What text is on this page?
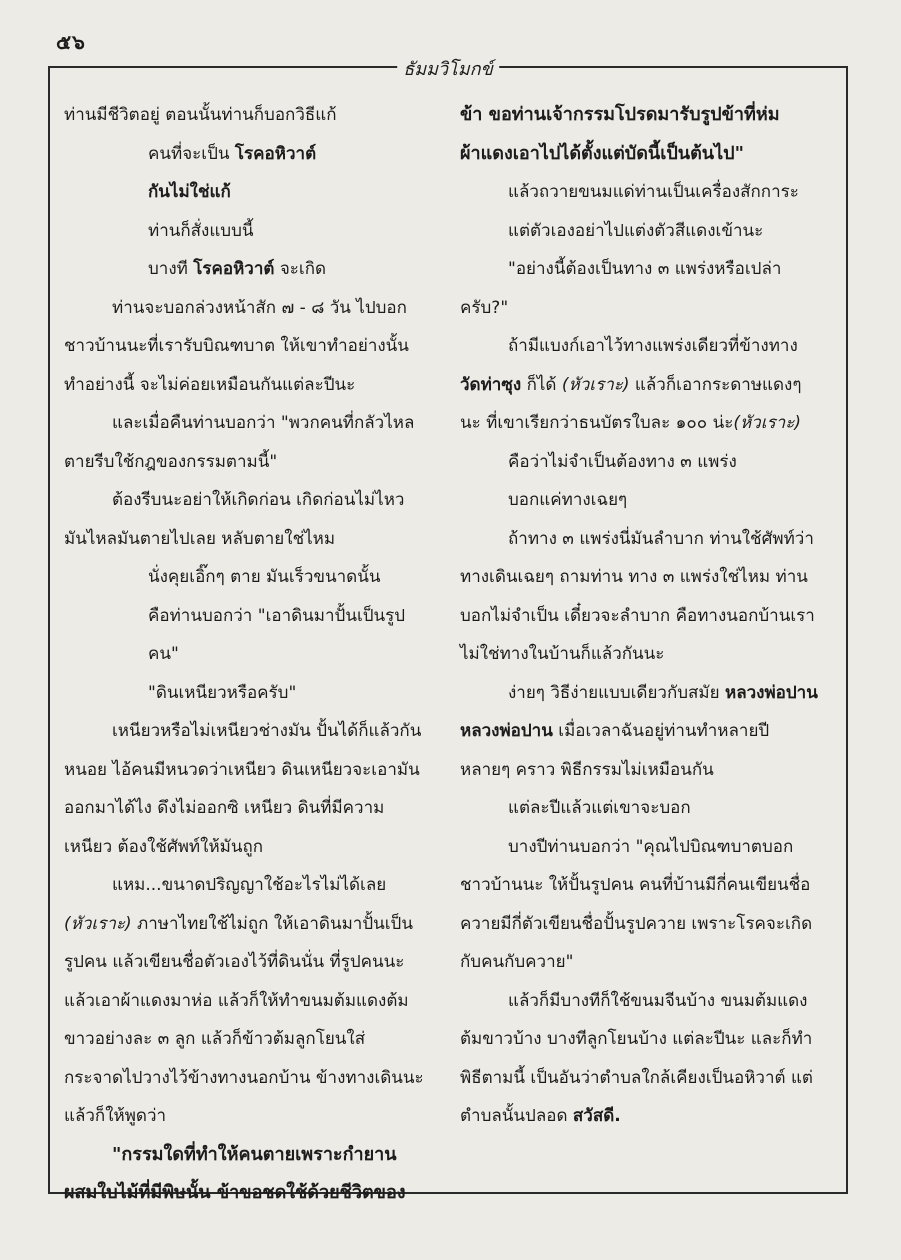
๕๖
ธัมมวิโมกข์

ท่านมีชีวิตอยู่ ตอนนั้นท่านก็บอกวิธีแก้

คนที่จะเป็น โรคอหิวาต์

กันไม่ใช่แก้

ท่านก็สั่งแบบนี้

บางที โรคอหิวาต์ จะเกิด

ท่านจะบอกล่วงหน้าสัก ๗ - ๘ วัน ไปบอกชาวบ้านนะที่เรารับบิณฑบาต ให้เขาทำอย่างนั้นทำอย่างนี้ จะไม่ค่อยเหมือนกันแต่ละปีนะ

และเมื่อคืนท่านบอกว่า "พวกคนที่กลัวไหลตายรีบใช้กฎของกรรมตามนี้"

ต้องรีบนะอย่าให้เกิดก่อน เกิดก่อนไม่ไหวมันไหลมันตายไปเลย หลับตายใช่ไหม

นั่งคุยเอิ๊กๆ ตาย มันเร็วขนาดนั้น

คือท่านบอกว่า "เอาดินมาปั้นเป็นรูปคน"

"ดินเหนียวหรือครับ"

เหนียวหรือไม่เหนียวช่างมัน ปั้นได้ก็แล้วกัน หนอย ไอ้คนมีหนวดว่าเหนียว ดินเหนียวจะเอามันออกมาได้ไง ดึงไม่ออกซิ เหนียว ดินที่มีความเหนียว ต้องใช้ศัพท์ให้มันถูก

แหม...ขนาดปริญญาใช้อะไรไม่ได้เลย (หัวเราะ) ภาษาไทยใช้ไม่ถูก ให้เอาดินมาปั้นเป็นรูปคน แล้วเขียนชื่อตัวเองไว้ที่ดินนั่น ที่รูปคนนะ แล้วเอาผ้าแดงมาห่อ แล้วก็ให้ทำขนมต้มแดงต้มขาวอย่างละ ๓ ลูก แล้วก็ข้าวต้มลูกโยนใส่กระจาดไปวางไว้ข้างทางนอกบ้าน ข้างทางเดินนะ แล้วก็ให้พูดว่า

"กรรมใดที่ทำให้คนตายเพราะกำยานผสมใบไม้ที่มีพิษนั้น ข้าขอชดใช้ด้วยชีวิตของ

ข้า ขอท่านเจ้ากรรมโปรดมารับรูปข้าที่ห่มผ้าแดงเอาไปได้ตั้งแต่บัดนี้เป็นต้นไป"

แล้วถวายขนมแด่ท่านเป็นเครื่องสักการะ

แต่ตัวเองอย่าไปแต่งตัวสีแดงเข้านะ

"อย่างนี้ต้องเป็นทาง ๓ แพร่งหรือเปล่าครับ?"

ถ้ามีแบงก์เอาไว้ทางแพร่งเดียวที่ข้างทาง วัดท่าซุง ก็ได้ (หัวเราะ) แล้วก็เอากระดาษแดงๆ นะ ที่เขาเรียกว่าธนบัตรใบละ ๑๐๐ น่ะ(หัวเราะ)

คือว่าไม่จำเป็นต้องทาง ๓ แพร่ง

บอกแค่ทางเฉยๆ

ถ้าทาง ๓ แพร่งนี่มันลำบาก ท่านใช้ศัพท์ว่าทางเดินเฉยๆ ถามท่าน ทาง ๓ แพร่งใช่ไหม ท่านบอกไม่จำเป็น เดี๋ยวจะลำบาก คือทางนอกบ้านเราไม่ใช่ทางในบ้านก็แล้วกันนะ

ง่ายๆ วิธีง่ายแบบเดียวกับสมัย หลวงพ่อปาน หลวงพ่อปาน เมื่อเวลาฉันอยู่ท่านทำหลายปี หลายๆ คราว พิธีกรรมไม่เหมือนกัน

แต่ละปีแล้วแต่เขาจะบอก

บางปีท่านบอกว่า "คุณไปบิณฑบาตบอกชาวบ้านนะ ให้ปั้นรูปคน คนที่บ้านมีกี่คนเขียนชื่อ ควายมีกี่ตัวเขียนชื่อปั้นรูปควาย เพราะโรคจะเกิดกับคนกับควาย"

แล้วก็มีบางทีก็ใช้ขนมจีนบ้าง ขนมต้มแดงต้มขาวบ้าง บางทีลูกโยนบ้าง แต่ละปีนะ และก็ทำพิธีตามนี้ เป็นอันว่าตำบลใกล้เคียงเป็นอหิวาต์ แต่ตำบลนั้นปลอด สวัสดี.
